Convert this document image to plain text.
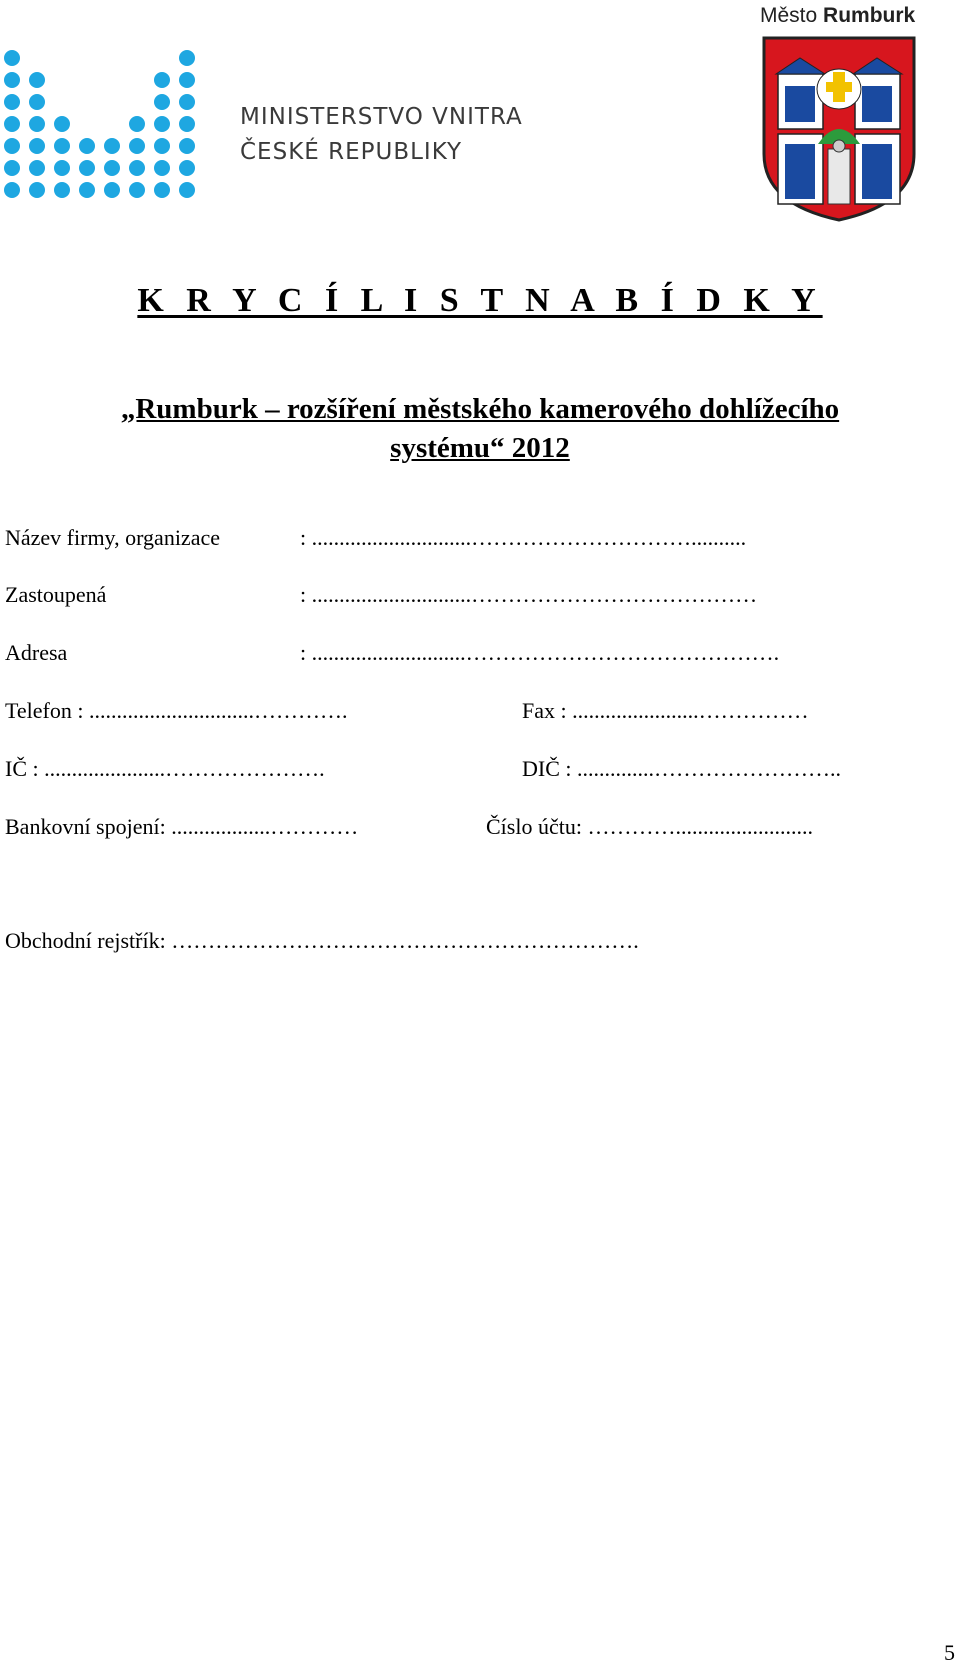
MINISTERSTVO VNITRA
ČESKÉ REPUBLIKY
Město Rumburk
K R Y C Í L I S T N A B Í D K Y
„Rumburk – rozšíření městského kamerového dohlížecího
systému“ 2012
Název firmy, organizace	: .............................…………………………..........
Zastoupená	: .............................…………………………………
Adresa	: ............................…………………………………….
Telefon : ..............................………….	Fax : .......................……………
IČ : ......................………………….	DIČ : ..............……………………..
Bankovní spojení: ..................…………	Číslo účtu: ………….........................
Obchodní rejstřík: ……………………………………………………….
5
